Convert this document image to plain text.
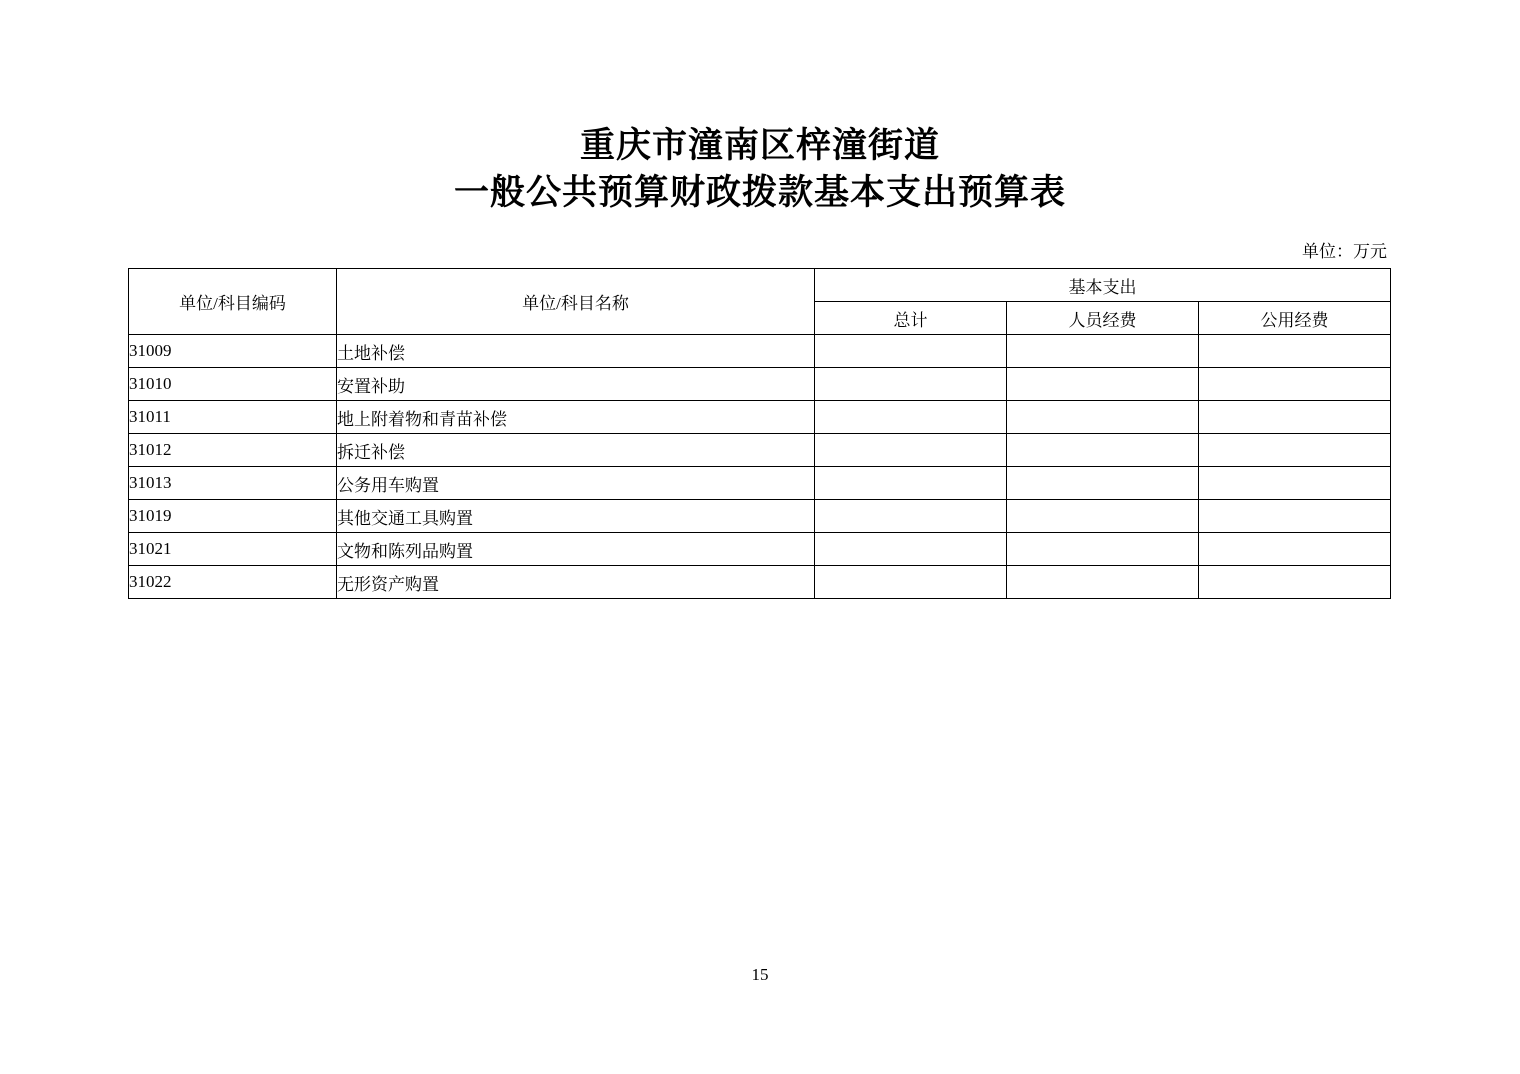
重庆市潼南区梓潼街道
一般公共预算财政拨款基本支出预算表
单位：万元
单位/科目编码	单位/科目名称	基本支出		
		总计	人员经费	公用经费
31009	土地补偿			
31010	安置补助			
31011	地上附着物和青苗补偿			
31012	拆迁补偿			
31013	公务用车购置			
31019	其他交通工具购置			
31021	文物和陈列品购置			
31022	无形资产购置			
15
